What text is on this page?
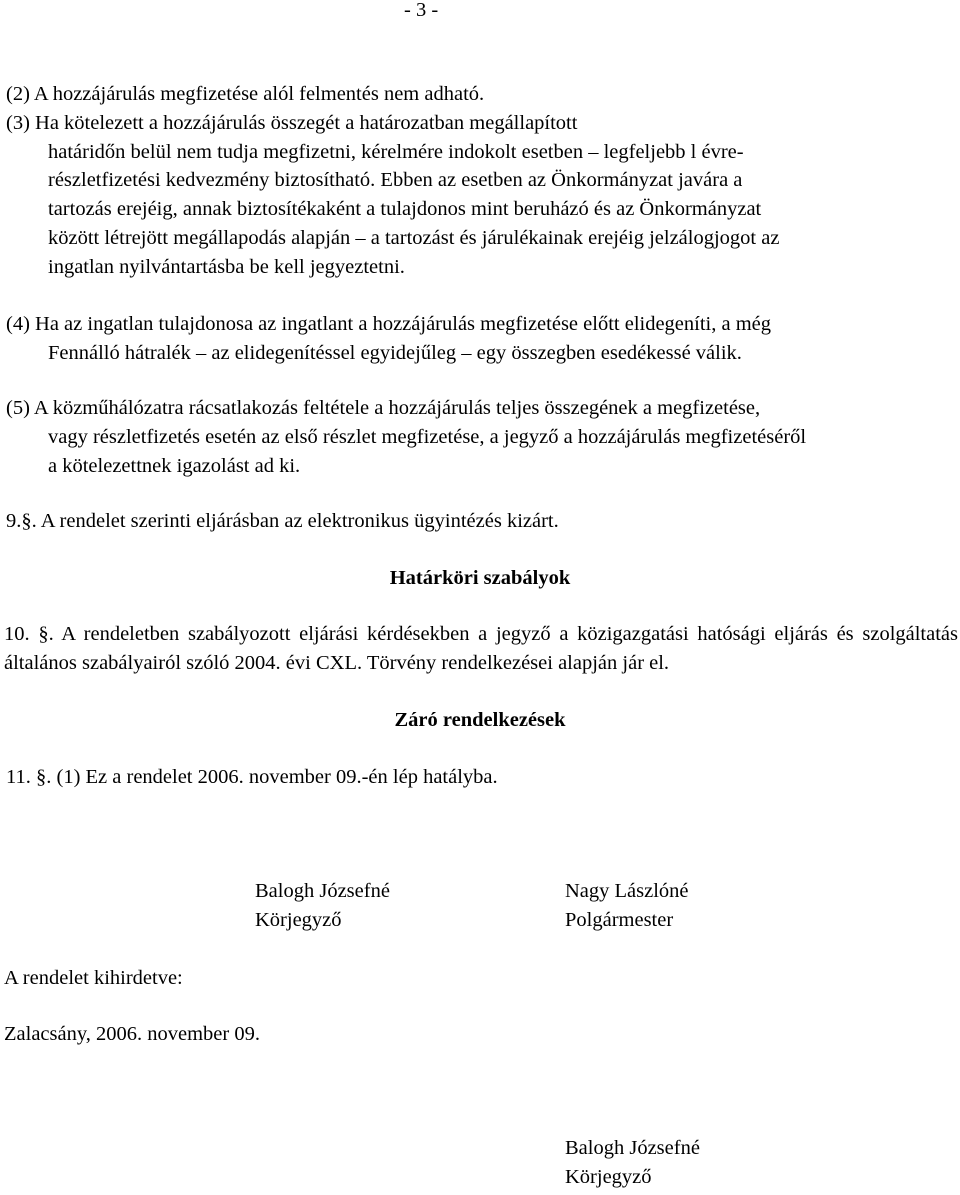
- 3 -
(2) A hozzájárulás megfizetése alól felmentés nem adható.
(3) Ha kötelezett a hozzájárulás összegét a határozatban megállapított
határidőn belül nem tudja megfizetni, kérelmére indokolt esetben – legfeljebb l évre-
részletfizetési kedvezmény biztosítható. Ebben az esetben az Önkormányzat javára a
tartozás erejéig, annak biztosítékaként a tulajdonos mint beruházó és az Önkormányzat
között létrejött megállapodás alapján – a tartozást és járulékainak erejéig jelzálogjogot az
ingatlan nyilvántartásba be kell jegyeztetni.
(4) Ha az ingatlan tulajdonosa az ingatlant a hozzájárulás megfizetése előtt elidegeníti, a még
Fennálló hátralék – az elidegenítéssel egyidejűleg – egy összegben esedékessé válik.
(5) A közműhálózatra rácsatlakozás feltétele a hozzájárulás teljes összegének a megfizetése,
vagy részletfizetés esetén az első részlet megfizetése, a jegyző a hozzájárulás megfizetéséről
a kötelezettnek igazolást ad ki.
9.§. A rendelet szerinti eljárásban az elektronikus ügyintézés kizárt.
Határköri szabályok
10. §. A rendeletben szabályozott eljárási kérdésekben a jegyző a közigazgatási hatósági eljárás és szolgáltatás általános szabályairól szóló 2004. évi CXL. Törvény rendelkezései alapján jár el.
Záró rendelkezések
11. §. (1) Ez a rendelet 2006. november 09.-én lép hatályba.
Balogh Józsefné
Körjegyző
Nagy Lászlóné
Polgármester
A rendelet kihirdetve:
Zalacsány, 2006. november 09.
Balogh Józsefné
Körjegyző
